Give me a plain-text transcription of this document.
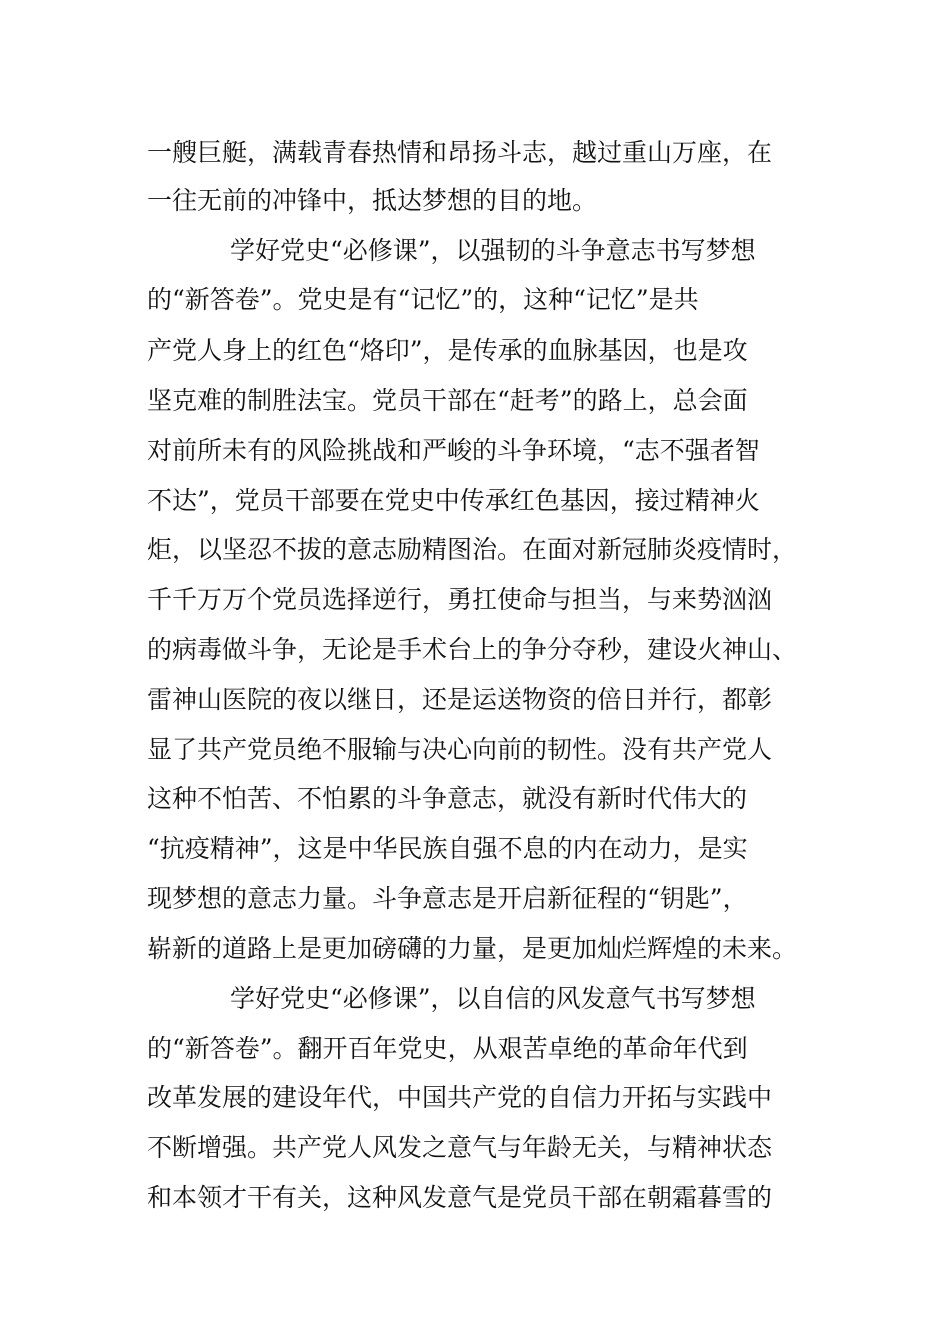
一艘巨艇，满载青春热情和昂扬斗志，越过重山万座，在
一往无前的冲锋中，抵达梦想的目的地。
学好党史“必修课”，以强韧的斗争意志书写梦想
的“新答卷”。党史是有“记忆”的，这种“记忆”是共
产党人身上的红色“烙印”，是传承的血脉基因，也是攻
坚克难的制胜法宝。党员干部在“赶考”的路上，总会面
对前所未有的风险挑战和严峻的斗争环境，“志不强者智
不达”，党员干部要在党史中传承红色基因，接过精神火
炬，以坚忍不拔的意志励精图治。在面对新冠肺炎疫情时，
千千万万个党员选择逆行，勇扛使命与担当，与来势汹汹
的病毒做斗争，无论是手术台上的争分夺秒，建设火神山、
雷神山医院的夜以继日，还是运送物资的倍日并行，都彰
显了共产党员绝不服输与决心向前的韧性。没有共产党人
这种不怕苦、不怕累的斗争意志，就没有新时代伟大的
“抗疫精神”，这是中华民族自强不息的内在动力，是实
现梦想的意志力量。斗争意志是开启新征程的“钥匙”，
崭新的道路上是更加磅礴的力量，是更加灿烂辉煌的未来。
学好党史“必修课”，以自信的风发意气书写梦想
的“新答卷”。翻开百年党史，从艰苦卓绝的革命年代到
改革发展的建设年代，中国共产党的自信力开拓与实践中
不断增强。共产党人风发之意气与年龄无关，与精神状态
和本领才干有关，这种风发意气是党员干部在朝霜暮雪的
